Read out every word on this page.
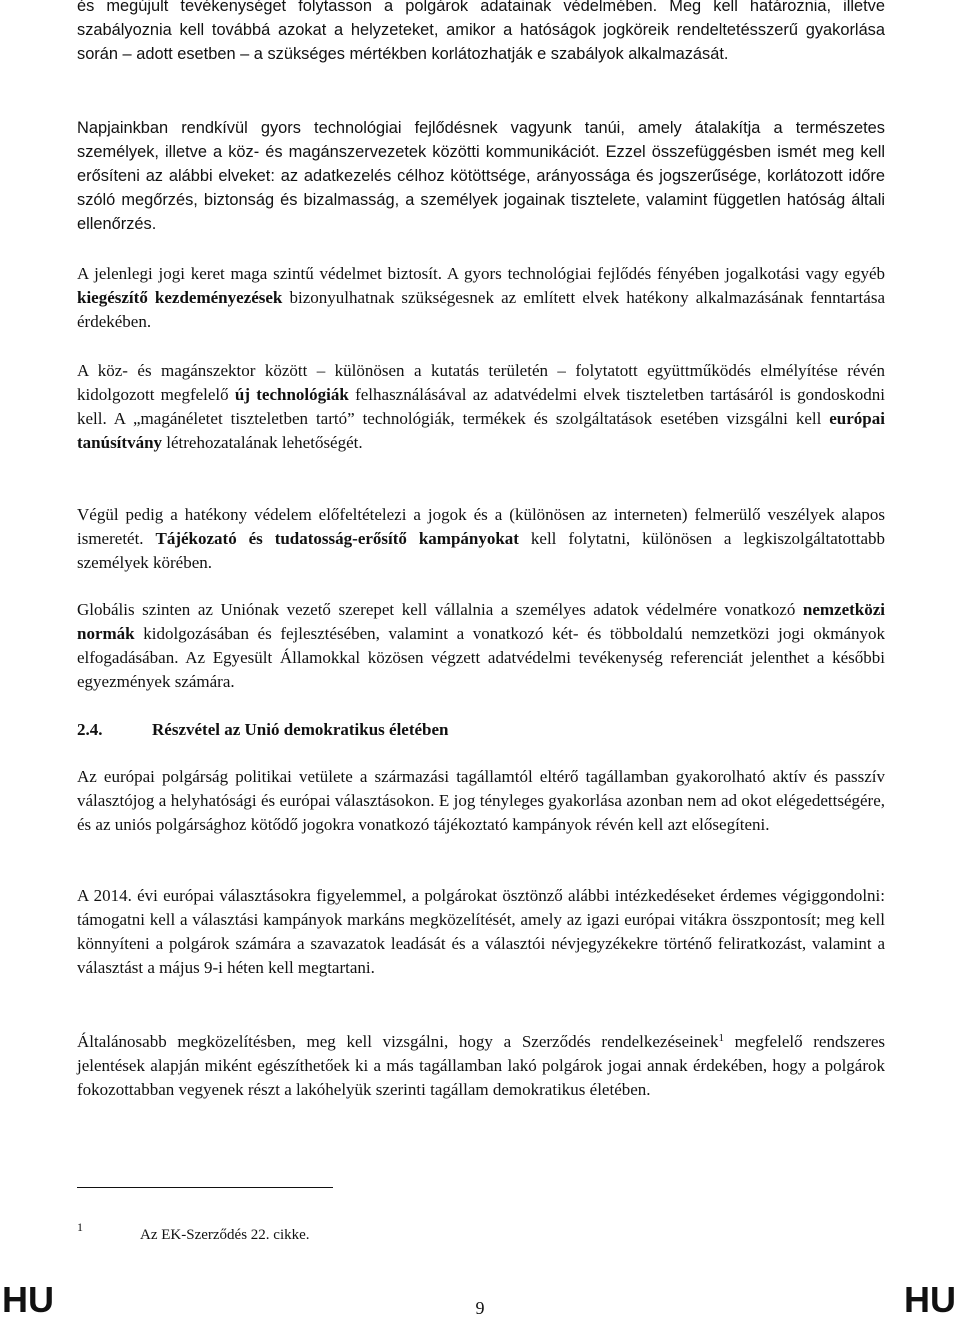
és megújult tevékenységet folytasson a polgárok adatainak védelmében. Meg kell határoznia, illetve szabályoznia kell továbbá azokat a helyzeteket, amikor a hatóságok jogköreik rendeltetésszerű gyakorlása során – adott esetben – a szükséges mértékben korlátozhatják e szabályok alkalmazását.

Napjainkban rendkívül gyors technológiai fejlődésnek vagyunk tanúi, amely átalakítja a természetes személyek, illetve a köz- és magánszervezetek közötti kommunikációt. Ezzel összefüggésben ismét meg kell erősíteni az alábbi elveket: az adatkezelés célhoz kötöttsége, arányossága és jogszerűsége, korlátozott időre szóló megőrzés, biztonság és bizalmasság, a személyek jogainak tisztelete, valamint független hatóság általi ellenőrzés.

A jelenlegi jogi keret maga szintű védelmet biztosít. A gyors technológiai fejlődés fényében jogalkotási vagy egyéb kiegészítő kezdeményezések bizonyulhatnak szükségesnek az említett elvek hatékony alkalmazásának fenntartása érdekében.

A köz- és magánszektor között – különösen a kutatás területén – folytatott együttműködés elmélyítése révén kidolgozott megfelelő új technológiák felhasználásával az adatvédelmi elvek tiszteletben tartásáról is gondoskodni kell. A „magánéletet tiszteletben tartó” technológiák, termékek és szolgáltatások esetében vizsgálni kell európai tanúsítvány létrehozatalának lehetőségét.

Végül pedig a hatékony védelem előfeltételezi a jogok és a (különösen az interneten) felmerülő veszélyek alapos ismeretét. Tájékozató és tudatosság-erősítő kampányokat kell folytatni, különösen a legkiszolgáltatottabb személyek körében.

Globális szinten az Uniónak vezető szerepet kell vállalnia a személyes adatok védelmére vonatkozó nemzetközi normák kidolgozásában és fejlesztésében, valamint a vonatkozó két- és többoldalú nemzetközi jogi okmányok elfogadásában. Az Egyesült Államokkal közösen végzett adatvédelmi tevékenység referenciát jelenthet a későbbi egyezmények számára.

2.4.	Részvétel az Unió demokratikus életében

Az európai polgárság politikai vetülete a származási tagállamtól eltérő tagállamban gyakorolható aktív és passzív választójog a helyhatósági és európai választásokon. E jog tényleges gyakorlása azonban nem ad okot elégedettségére, és az uniós polgársághoz kötődő jogokra vonatkozó tájékoztató kampányok révén kell azt elősegíteni.

A 2014. évi európai választásokra figyelemmel, a polgárokat ösztönző alábbi intézkedéseket érdemes végiggondolni: támogatni kell a választási kampányok markáns megközelítését, amely az igazi európai vitákra összpontosít; meg kell könnyíteni a polgárok számára a szavazatok leadását és a választói névjegyzékekre történő feliratkozást, valamint a választást a május 9-i héten kell megtartani.

Általánosabb megközelítésben, meg kell vizsgálni, hogy a Szerződés rendelkezéseinek$^1$ megfelelő rendszeres jelentések alapján miként egészíthetőek ki a más tagállamban lakó polgárok jogai annak érdekében, hogy a polgárok fokozottabban vegyenek részt a lakóhelyük szerinti tagállam demokratikus életében.

1	Az EK-Szerződés 22. cikke.
HU	9	HU
